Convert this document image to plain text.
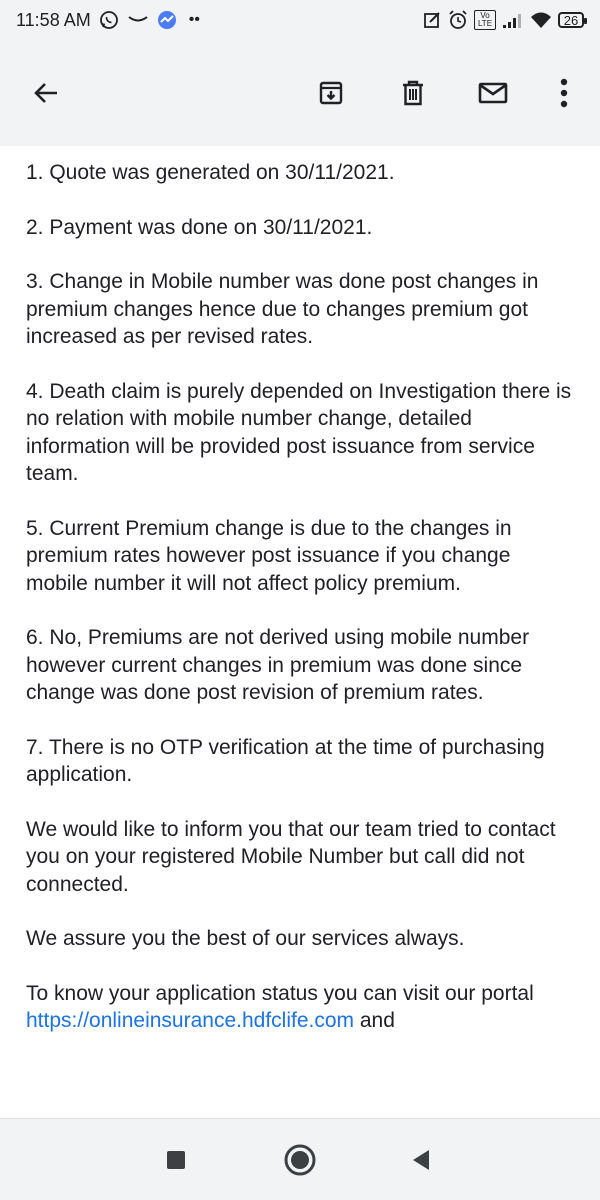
11:58 AM	••	Vo LTE	26

1. Quote was generated on 30/11/2021.

2. Payment was done on 30/11/2021.

3. Change in Mobile number was done post changes in premium changes hence due to changes premium got increased as per revised rates.

4. Death claim is purely depended on Investigation there is no relation with mobile number change, detailed information will be provided post issuance from service team.

5. Current Premium change is due to the changes in premium rates however post issuance if you change mobile number it will not affect policy premium.

6. No, Premiums are not derived using mobile number however current changes in premium was done since change was done post revision of premium rates.

7. There is no OTP verification at the time of purchasing application.

We would like to inform you that our team tried to contact you on your registered Mobile Number but call did not connected.

We assure you the best of our services always.

To know your application status you can visit our portal https://onlineinsurance.hdfclife.com and
